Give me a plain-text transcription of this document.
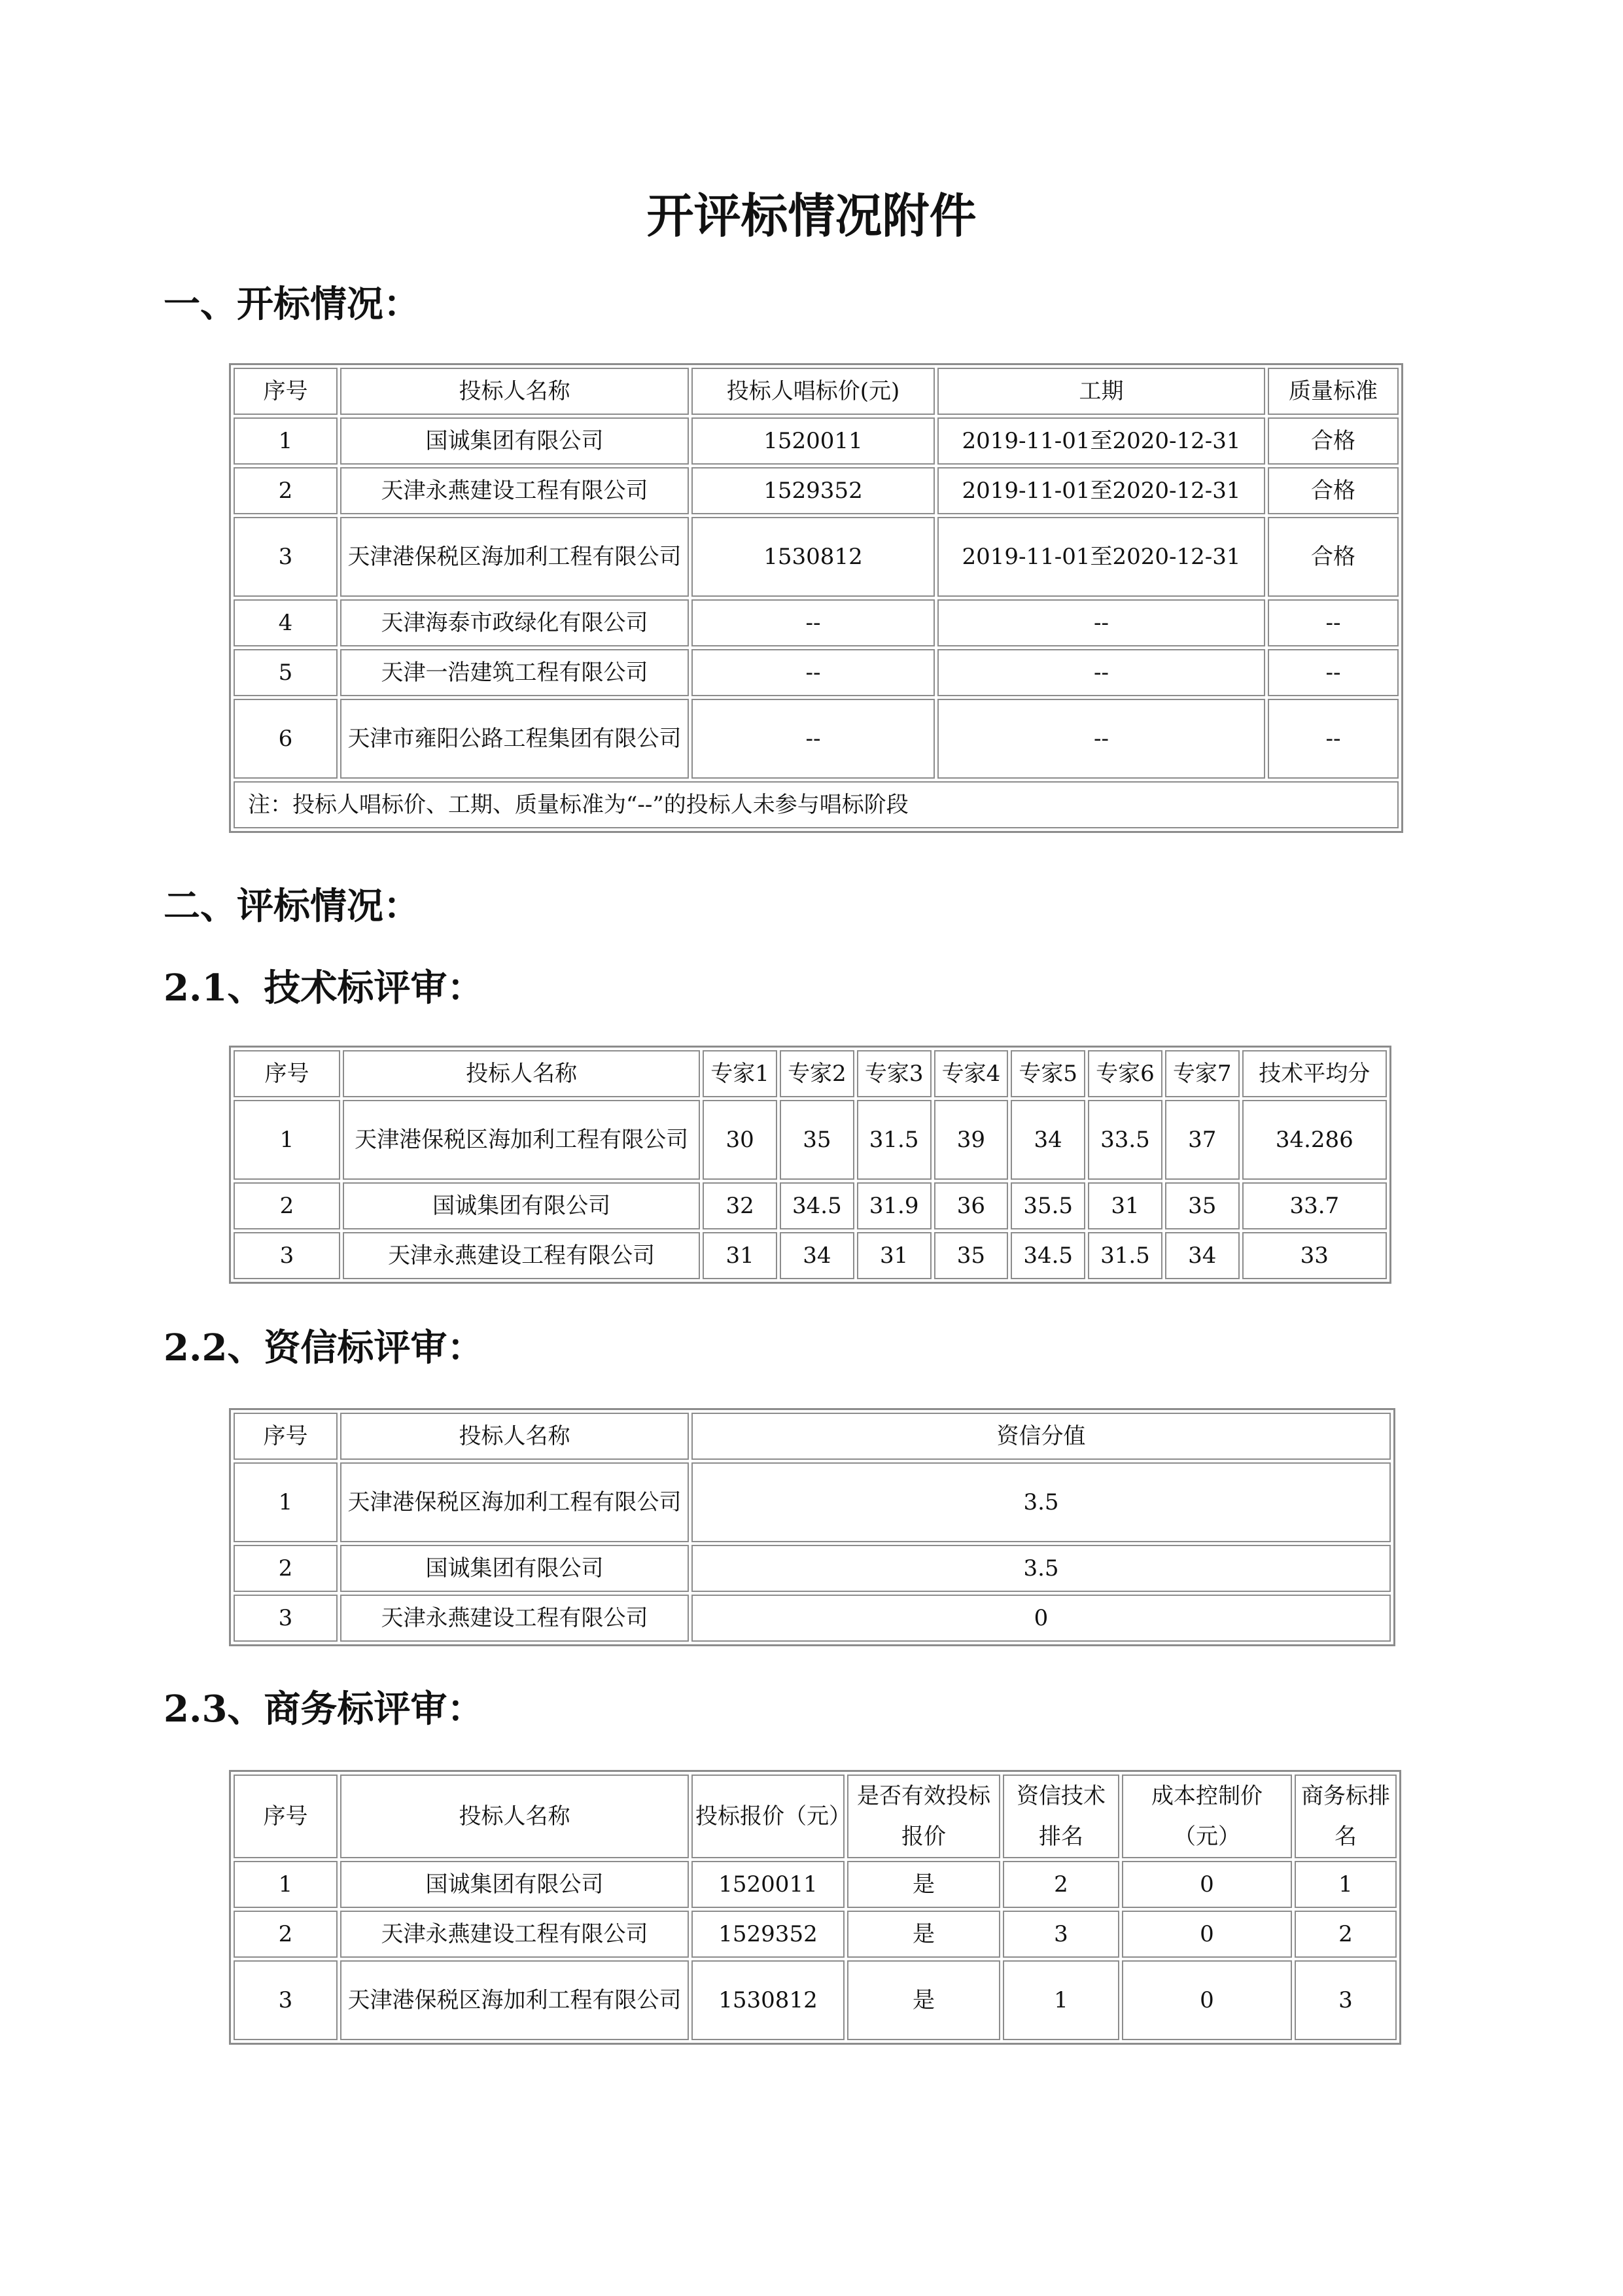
开评标情况附件
一、开标情况：
序号	投标人名称	投标人唱标价(元)	工期	质量标准
1	国诚集团有限公司	1520011	2019-11-01至2020-12-31	合格
2	天津永燕建设工程有限公司	1529352	2019-11-01至2020-12-31	合格
3	天津港保税区海加利工程有限公司	1530812	2019-11-01至2020-12-31	合格
4	天津海泰市政绿化有限公司	--	--	--
5	天津一浩建筑工程有限公司	--	--	--
6	天津市雍阳公路工程集团有限公司	--	--	--
注：投标人唱标价、工期、质量标准为“--”的投标人未参与唱标阶段				
二、评标情况：
2.1、技术标评审：
序号	投标人名称	专家1	专家2	专家3	专家4	专家5	专家6	专家7	技术平均分
1	天津港保税区海加利工程有限公司	30	35	31.5	39	34	33.5	37	34.286
2	国诚集团有限公司	32	34.5	31.9	36	35.5	31	35	33.7
3	天津永燕建设工程有限公司	31	34	31	35	34.5	31.5	34	33
2.2、资信标评审：
序号	投标人名称	资信分值
1	天津港保税区海加利工程有限公司	3.5
2	国诚集团有限公司	3.5
3	天津永燕建设工程有限公司	0
2.3、商务标评审：
序号	投标人名称	投标报价（元）	是否有效投标报价	资信技术排名	成本控制价（元）	商务标排名
1	国诚集团有限公司	1520011	是	2	0	1
2	天津永燕建设工程有限公司	1529352	是	3	0	2
3	天津港保税区海加利工程有限公司	1530812	是	1	0	3
